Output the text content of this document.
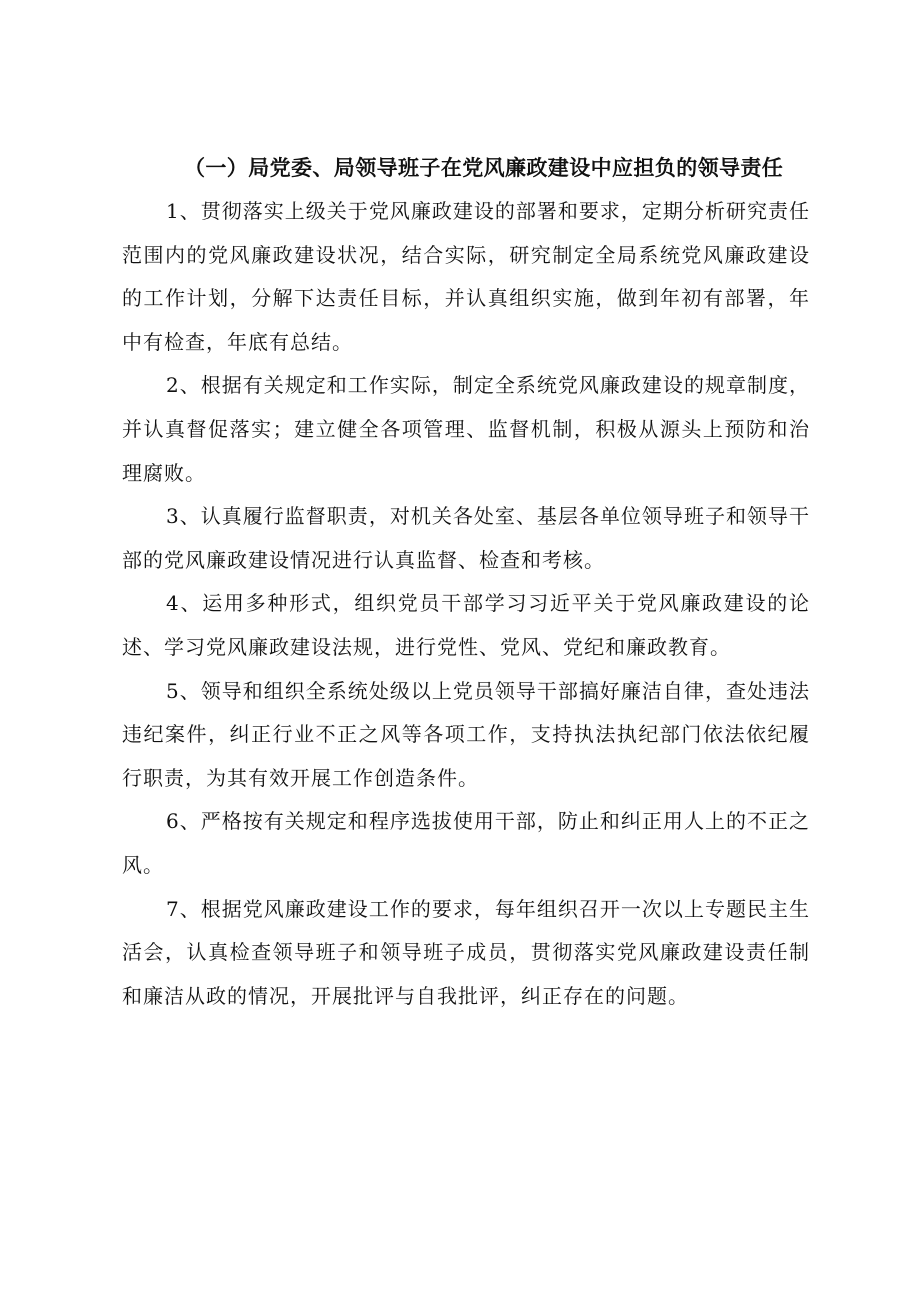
（一）局党委、局领导班子在党风廉政建设中应担负的领导责任

1、贯彻落实上级关于党风廉政建设的部署和要求，定期分析研究责任范围内的党风廉政建设状况，结合实际，研究制定全局系统党风廉政建设的工作计划，分解下达责任目标，并认真组织实施，做到年初有部署，年中有检查，年底有总结。

2、根据有关规定和工作实际，制定全系统党风廉政建设的规章制度，并认真督促落实；建立健全各项管理、监督机制，积极从源头上预防和治理腐败。

3、认真履行监督职责，对机关各处室、基层各单位领导班子和领导干部的党风廉政建设情况进行认真监督、检查和考核。

4、运用多种形式，组织党员干部学习习近平关于党风廉政建设的论述、学习党风廉政建设法规，进行党性、党风、党纪和廉政教育。

5、领导和组织全系统处级以上党员领导干部搞好廉洁自律，查处违法违纪案件，纠正行业不正之风等各项工作，支持执法执纪部门依法依纪履行职责，为其有效开展工作创造条件。

6、严格按有关规定和程序选拔使用干部，防止和纠正用人上的不正之风。

7、根据党风廉政建设工作的要求，每年组织召开一次以上专题民主生活会，认真检查领导班子和领导班子成员，贯彻落实党风廉政建设责任制和廉洁从政的情况，开展批评与自我批评，纠正存在的问题。
